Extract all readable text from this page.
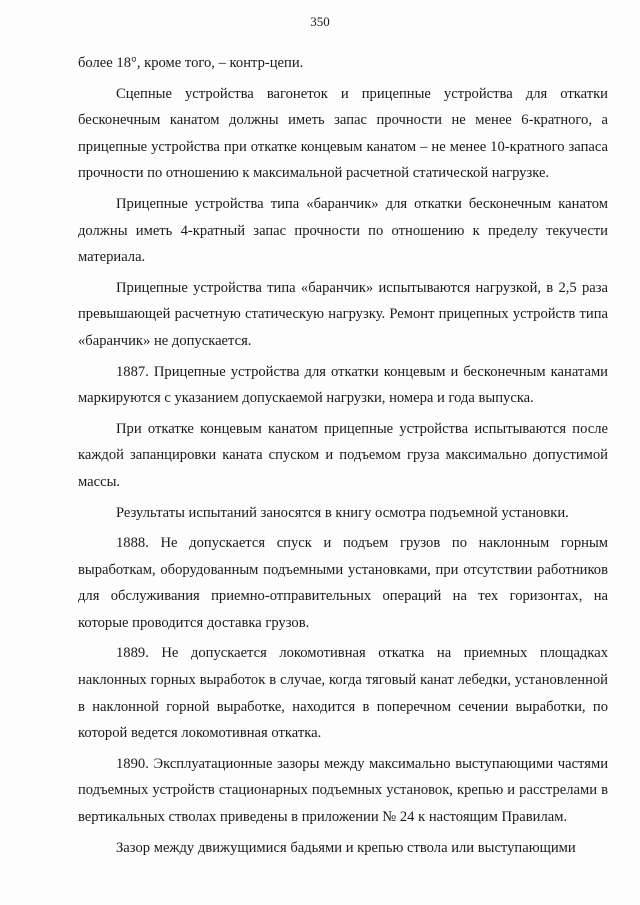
350

более 18°, кроме того, – контр-цепи.

Сцепные устройства вагонеток и прицепные устройства для откатки бесконечным канатом должны иметь запас прочности не менее 6-кратного, а прицепные устройства при откатке концевым канатом – не менее 10-кратного запаса прочности по отношению к максимальной расчетной статической нагрузке.

Прицепные устройства типа «баранчик» для откатки бесконечным канатом должны иметь 4-кратный запас прочности по отношению к пределу текучести материала.

Прицепные устройства типа «баранчик» испытываются нагрузкой, в 2,5 раза превышающей расчетную статическую нагрузку. Ремонт прицепных устройств типа «баранчик» не допускается.

1887. Прицепные устройства для откатки концевым и бесконечным канатами маркируются с указанием допускаемой нагрузки, номера и года выпуска.

При откатке концевым канатом прицепные устройства испытываются после каждой запанцировки каната спуском и подъемом груза максимально допустимой массы.

Результаты испытаний заносятся в книгу осмотра подъемной установки.

1888. Не допускается спуск и подъем грузов по наклонным горным выработкам, оборудованным подъемными установками, при отсутствии работников для обслуживания приемно-отправительных операций на тех горизонтах, на которые проводится доставка грузов.

1889. Не допускается локомотивная откатка на приемных площадках наклонных горных выработок в случае, когда тяговый канат лебедки, установленной в наклонной горной выработке, находится в поперечном сечении выработки, по которой ведется локомотивная откатка.

1890. Эксплуатационные зазоры между максимально выступающими частями подъемных устройств стационарных подъемных установок, крепью и расстрелами в вертикальных стволах приведены в приложении № 24 к настоящим Правилам.

Зазор между движущимися бадьями и крепью ствола или выступающими
